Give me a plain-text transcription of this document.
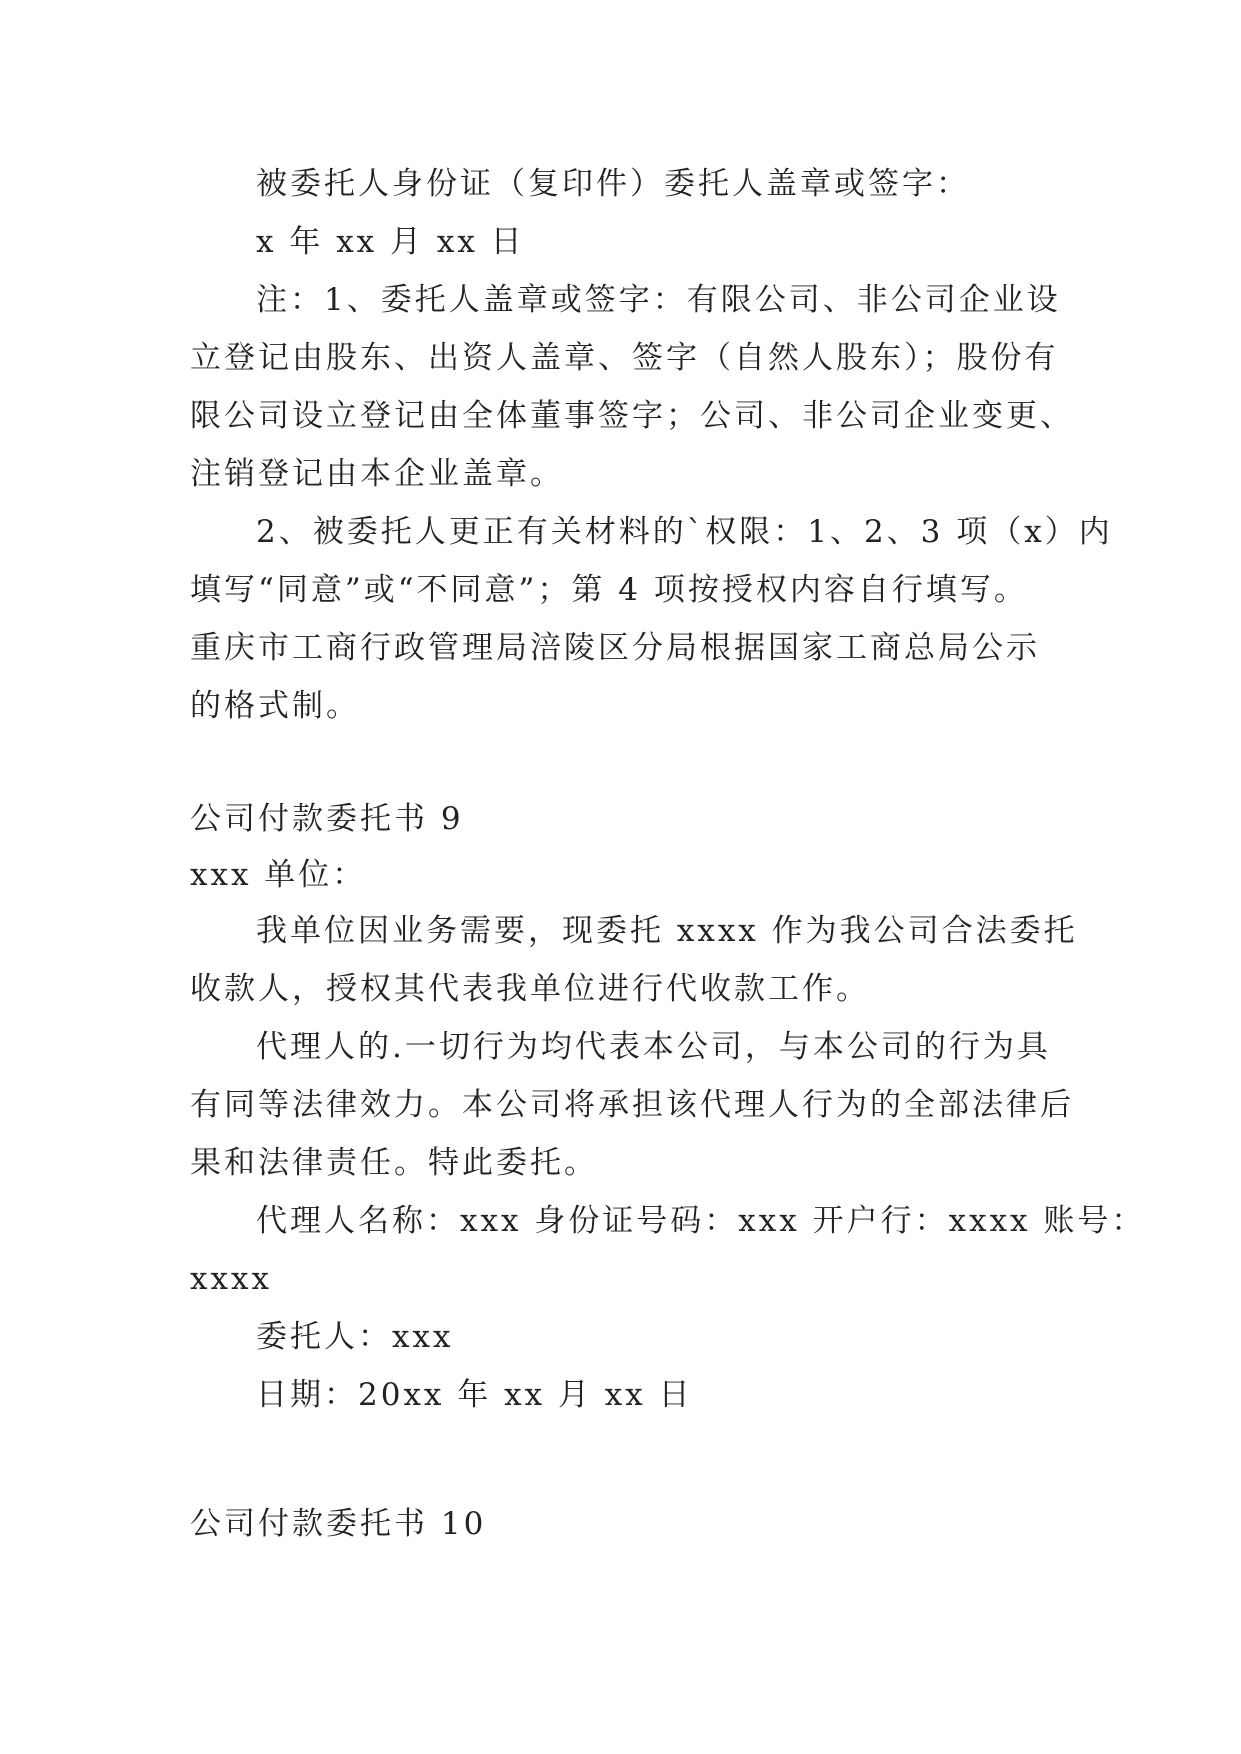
被委托人身份证（复印件）委托人盖章或签字：
x 年 xx 月 xx 日
注：1、委托人盖章或签字：有限公司、非公司企业设
立登记由股东、出资人盖章、签字（自然人股东）；股份有
限公司设立登记由全体董事签字；公司、非公司企业变更、
注销登记由本企业盖章。
2、被委托人更正有关材料的`权限：1、2、3 项（x）内
填写“同意”或“不同意”；第 4 项按授权内容自行填写。
重庆市工商行政管理局涪陵区分局根据国家工商总局公示
的格式制。
公司付款委托书 9
xxx 单位：
我单位因业务需要，现委托 xxxx 作为我公司合法委托
收款人，授权其代表我单位进行代收款工作。
代理人的.一切行为均代表本公司，与本公司的行为具
有同等法律效力。本公司将承担该代理人行为的全部法律后
果和法律责任。特此委托。
代理人名称：xxx 身份证号码：xxx 开户行：xxxx 账号：
xxxx
委托人：xxx
日期：20xx 年 xx 月 xx 日
公司付款委托书 10
